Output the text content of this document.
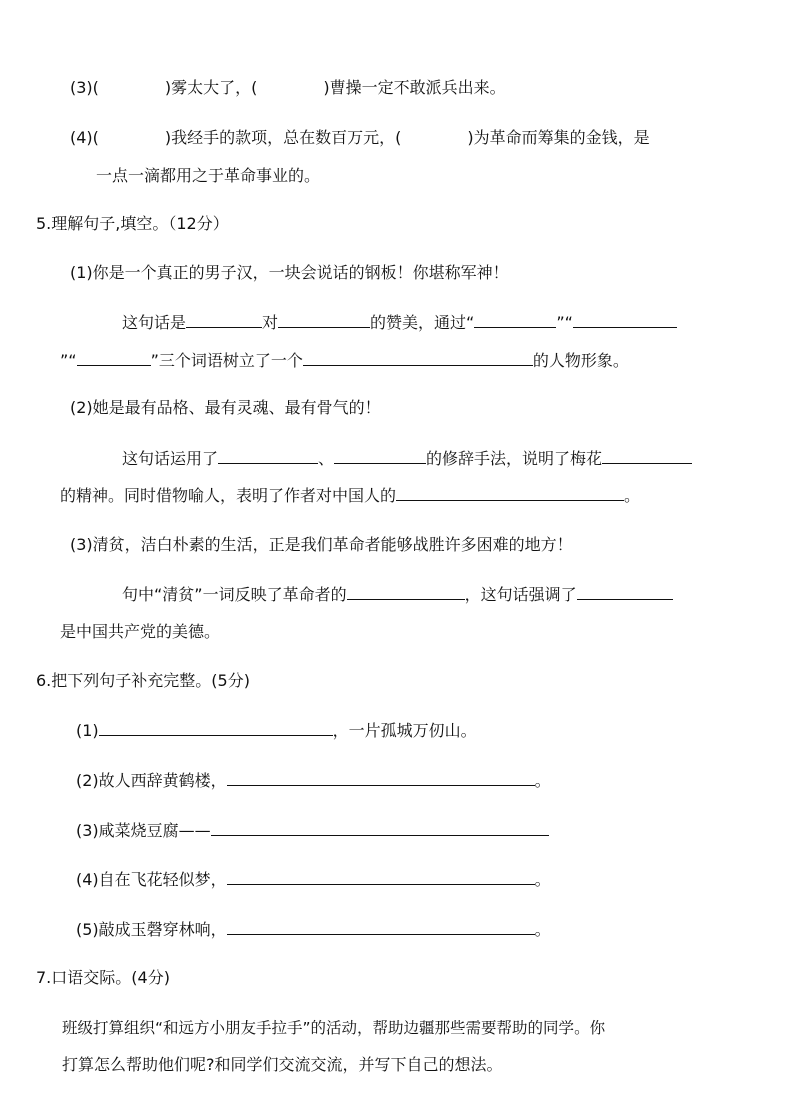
(3)(	)雾太大了，(	)曹操一定不敢派兵出来。
(4)(	)我经手的款项，总在数百万元，(	)为革命而筹集的金钱，是
一点一滴都用之于革命事业的。
5.理解句子,填空。（12分）
(1)你是一个真正的男子汉，一块会说话的钢板！你堪称军神！
这句话是	对	的赞美，通过“	”“
”“	”三个词语树立了一个	的人物形象。
(2)她是最有品格、最有灵魂、最有骨气的！
这句话运用了	、	的修辞手法，说明了梅花
的精神。同时借物喻人，表明了作者对中国人的	。
(3)清贫，洁白朴素的生活，正是我们革命者能够战胜许多困难的地方！
句中“清贫”一词反映了革命者的	，这句话强调了
是中国共产党的美德。
6.把下列句子补充完整。(5分)
(1)	，一片孤城万仞山。
(2)故人西辞黄鹤楼，	。
(3)咸菜烧豆腐——
(4)自在飞花轻似梦，	。
(5)敲成玉磬穿林响，	。
7.口语交际。(4分)
班级打算组织“和远方小朋友手拉手”的活动，帮助边疆那些需要帮助的同学。你
打算怎么帮助他们呢?和同学们交流交流，并写下自己的想法。
